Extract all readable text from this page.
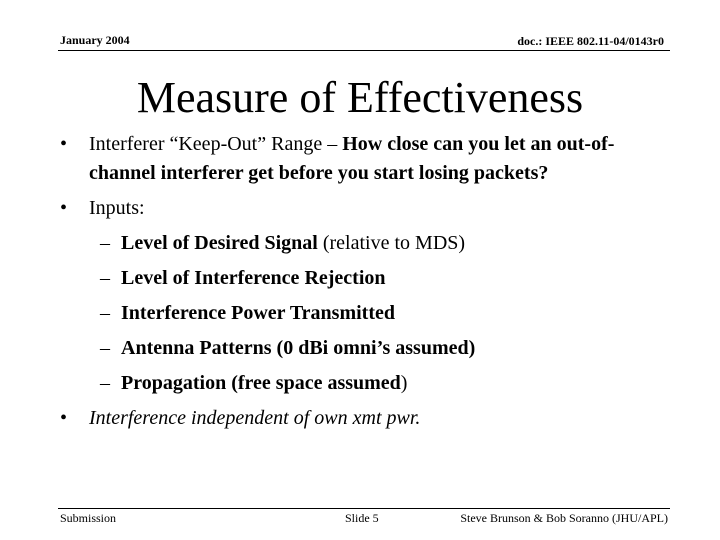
January 2004	doc.: IEEE 802.11-04/0143r0
Measure of Effectiveness
• Interferer “Keep-Out” Range – How close can you let an out-of-channel interferer get before you start losing packets?
• Inputs:
– Level of Desired Signal (relative to MDS)
– Level of Interference Rejection
– Interference Power Transmitted
– Antenna Patterns (0 dBi omni’s assumed)
– Propagation (free space assumed)
• Interference independent of own xmt pwr.
Submission	Slide 5	Steve Brunson & Bob Soranno (JHU/APL)
